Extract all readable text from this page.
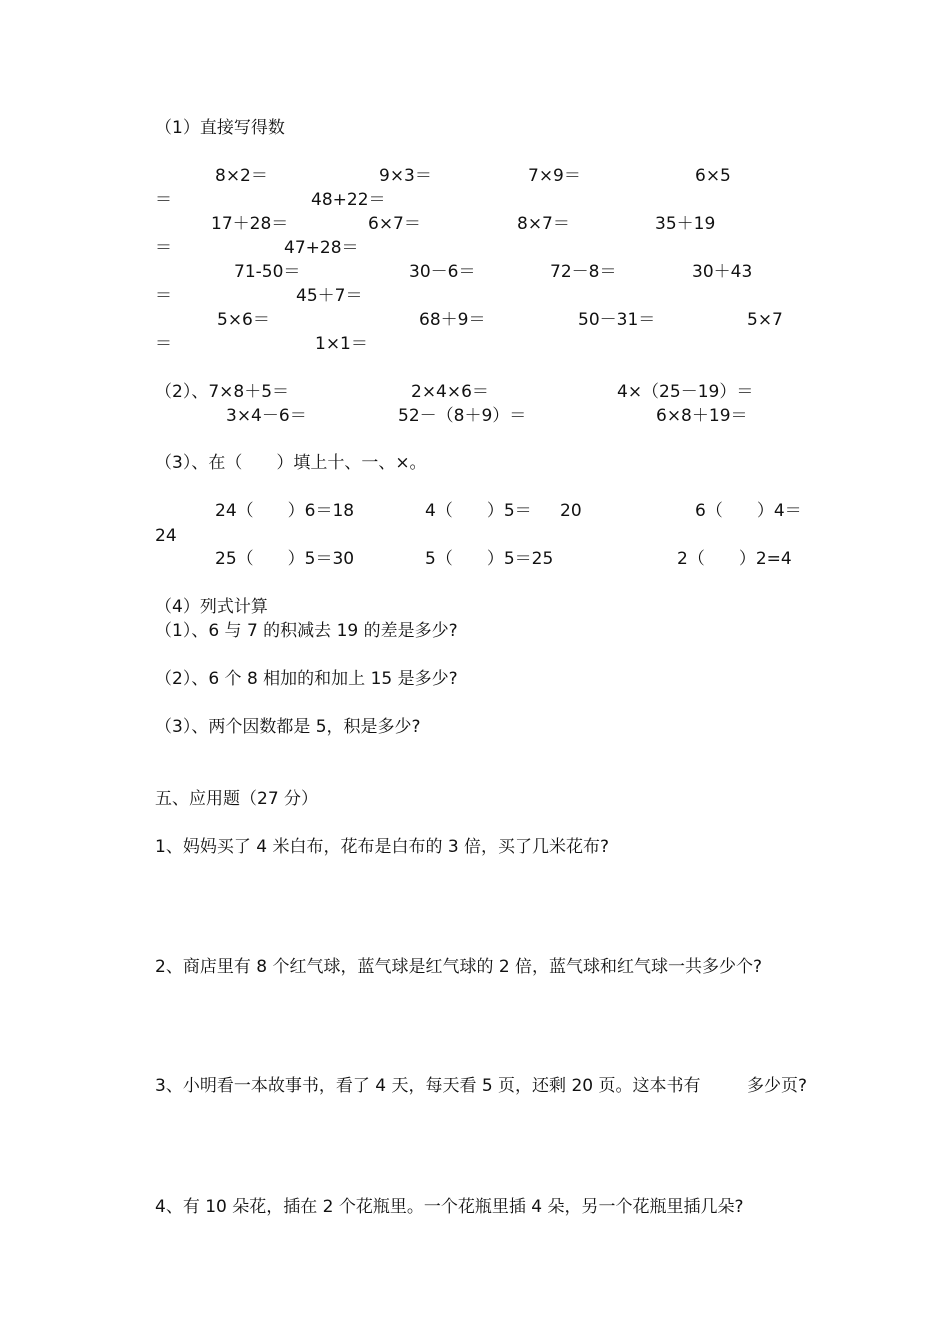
（1）直接写得数
8×2＝	9×3＝	7×9＝	6×5
＝	48+22＝
17＋28＝	6×7＝	8×7＝	35＋19
＝	47+28＝
71-50＝	30－6＝	72－8＝	30＋43
＝	45＋7＝
5×6＝	68＋9＝	50－31＝	5×7
＝	1×1＝
（2）、7×8＋5＝	2×4×6＝	4×（25－19）＝
3×4－6＝	52－（8＋9）＝	6×8＋19＝
（3）、在（　　）填上十、一、×。
24（　　）6＝18	4（　　）5＝ 20	6（　　）4＝
24
25（　　）5＝30	5（　　）5＝25	2（　　）2=4
（4）列式计算
（1）、6 与 7 的积减去 19 的差是多少?
（2）、6 个 8 相加的和加上 15 是多少?
（3）、两个因数都是 5，积是多少?
五、应用题（27 分）
1、妈妈买了 4 米白布，花布是白布的 3 倍，买了几米花布?
2、商店里有 8 个红气球，蓝气球是红气球的 2 倍，蓝气球和红气球一共多少个?
3、小明看一本故事书，看了 4 天，每天看 5 页，还剩 20 页。这本书有	多少页?
4、有 10 朵花，插在 2 个花瓶里。一个花瓶里插 4 朵，另一个花瓶里插几朵?
